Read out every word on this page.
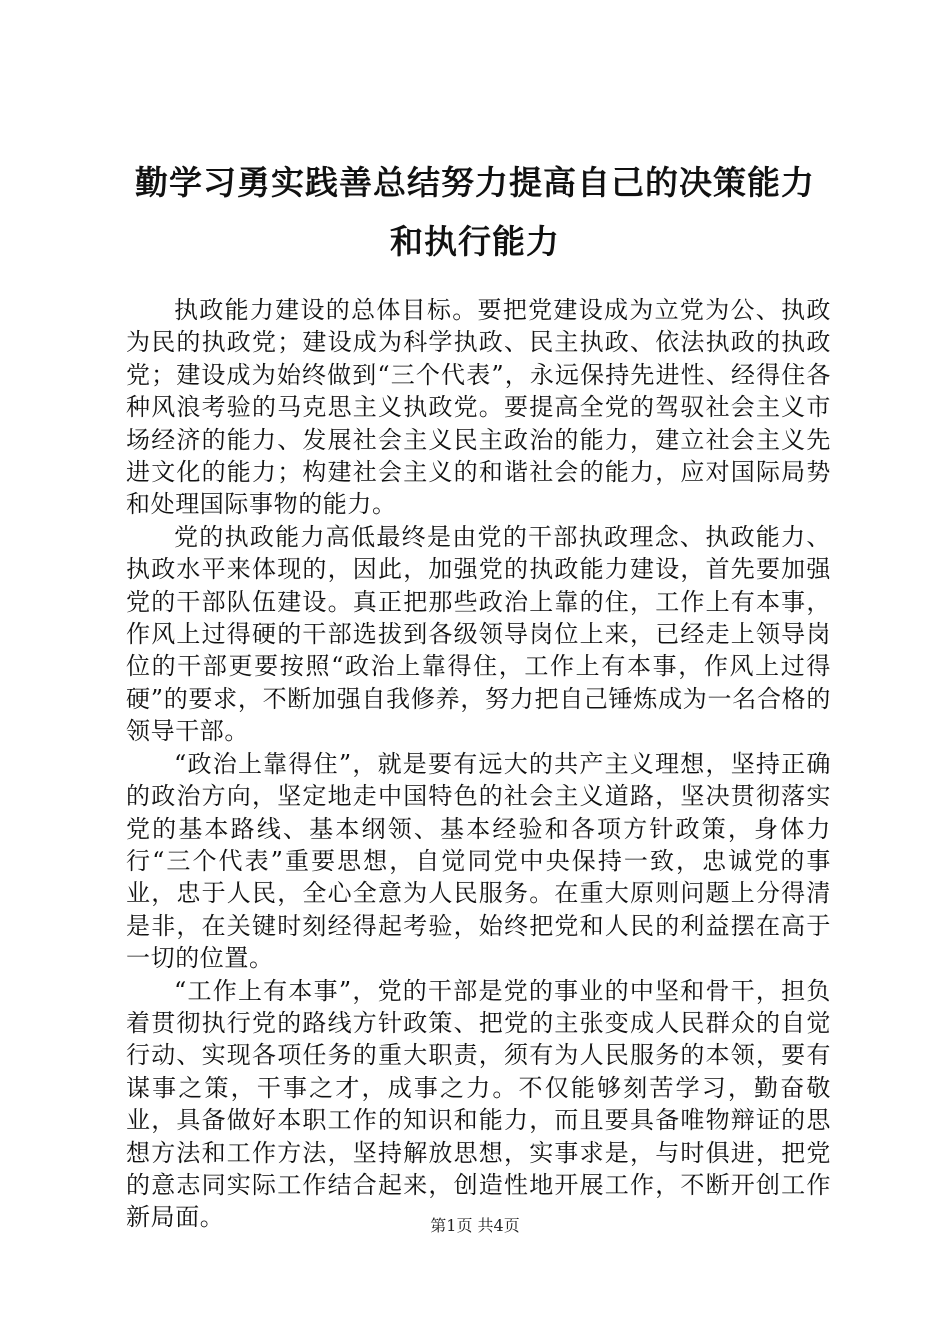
勤学习勇实践善总结努力提高自己的决策能力
和执行能力

执政能力建设的总体目标。要把党建设成为立党为公、执政为民的执政党；建设成为科学执政、民主执政、依法执政的执政党；建设成为始终做到“三个代表”，永远保持先进性、经得住各种风浪考验的马克思主义执政党。要提高全党的驾驭社会主义市场经济的能力、发展社会主义民主政治的能力，建立社会主义先进文化的能力；构建社会主义的和谐社会的能力，应对国际局势和处理国际事物的能力。

党的执政能力高低最终是由党的干部执政理念、执政能力、执政水平来体现的，因此，加强党的执政能力建设，首先要加强党的干部队伍建设。真正把那些政治上靠的住，工作上有本事，作风上过得硬的干部选拔到各级领导岗位上来，已经走上领导岗位的干部更要按照“政治上靠得住，工作上有本事，作风上过得硬”的要求，不断加强自我修养，努力把自己锤炼成为一名合格的领导干部。

“政治上靠得住”，就是要有远大的共产主义理想，坚持正确的政治方向，坚定地走中国特色的社会主义道路，坚决贯彻落实党的基本路线、基本纲领、基本经验和各项方针政策，身体力行“三个代表”重要思想，自觉同党中央保持一致，忠诚党的事业，忠于人民，全心全意为人民服务。在重大原则问题上分得清是非，在关键时刻经得起考验，始终把党和人民的利益摆在高于一切的位置。

“工作上有本事”，党的干部是党的事业的中坚和骨干，担负着贯彻执行党的路线方针政策、把党的主张变成人民群众的自觉行动、实现各项任务的重大职责，须有为人民服务的本领，要有谋事之策，干事之才，成事之力。不仅能够刻苦学习，勤奋敬业，具备做好本职工作的知识和能力，而且要具备唯物辩证的思想方法和工作方法，坚持解放思想，实事求是，与时俱进，把党的意志同实际工作结合起来，创造性地开展工作，不断开创工作新局面。	第1页 共4页
